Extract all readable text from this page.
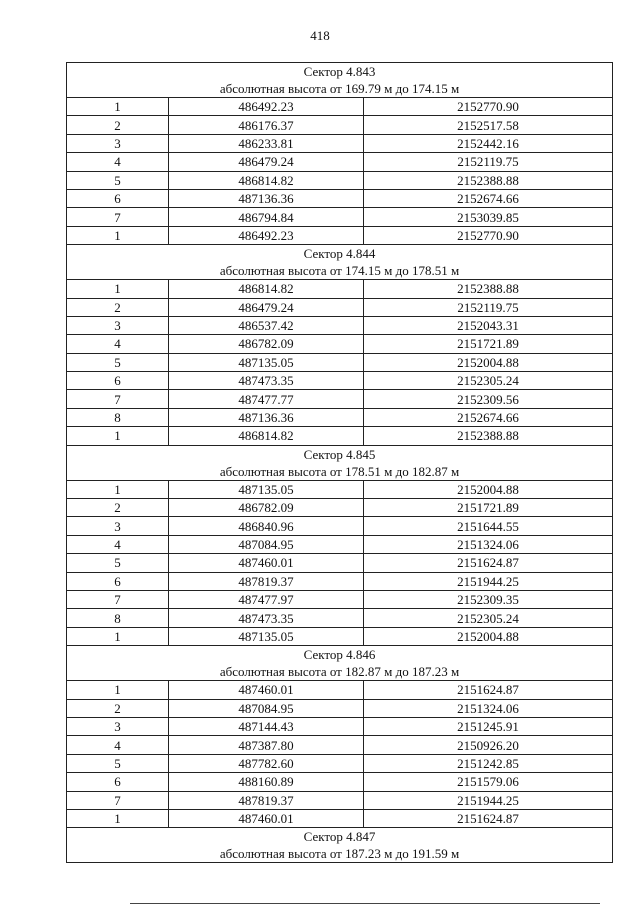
418
Сектор 4.843
абсолютная высота от 169.79 м до 174.15 м		

1	486492.23	2152770.90
2	486176.37	2152517.58
3	486233.81	2152442.16
4	486479.24	2152119.75
5	486814.82	2152388.88
6	487136.36	2152674.66
7	486794.84	2153039.85
1	486492.23	2152770.90

Сектор 4.844
абсолютная высота от 174.15 м до 178.51 м		

1	486814.82	2152388.88
2	486479.24	2152119.75
3	486537.42	2152043.31
4	486782.09	2151721.89
5	487135.05	2152004.88
6	487473.35	2152305.24
7	487477.77	2152309.56
8	487136.36	2152674.66
1	486814.82	2152388.88

Сектор 4.845
абсолютная высота от 178.51 м до 182.87 м		

1	487135.05	2152004.88
2	486782.09	2151721.89
3	486840.96	2151644.55
4	487084.95	2151324.06
5	487460.01	2151624.87
6	487819.37	2151944.25
7	487477.97	2152309.35
8	487473.35	2152305.24
1	487135.05	2152004.88

Сектор 4.846
абсолютная высота от 182.87 м до 187.23 м		

1	487460.01	2151624.87
2	487084.95	2151324.06
3	487144.43	2151245.91
4	487387.80	2150926.20
5	487782.60	2151242.85
6	488160.89	2151579.06
7	487819.37	2151944.25
1	487460.01	2151624.87

Сектор 4.847
абсолютная высота от 187.23 м до 191.59 м		
